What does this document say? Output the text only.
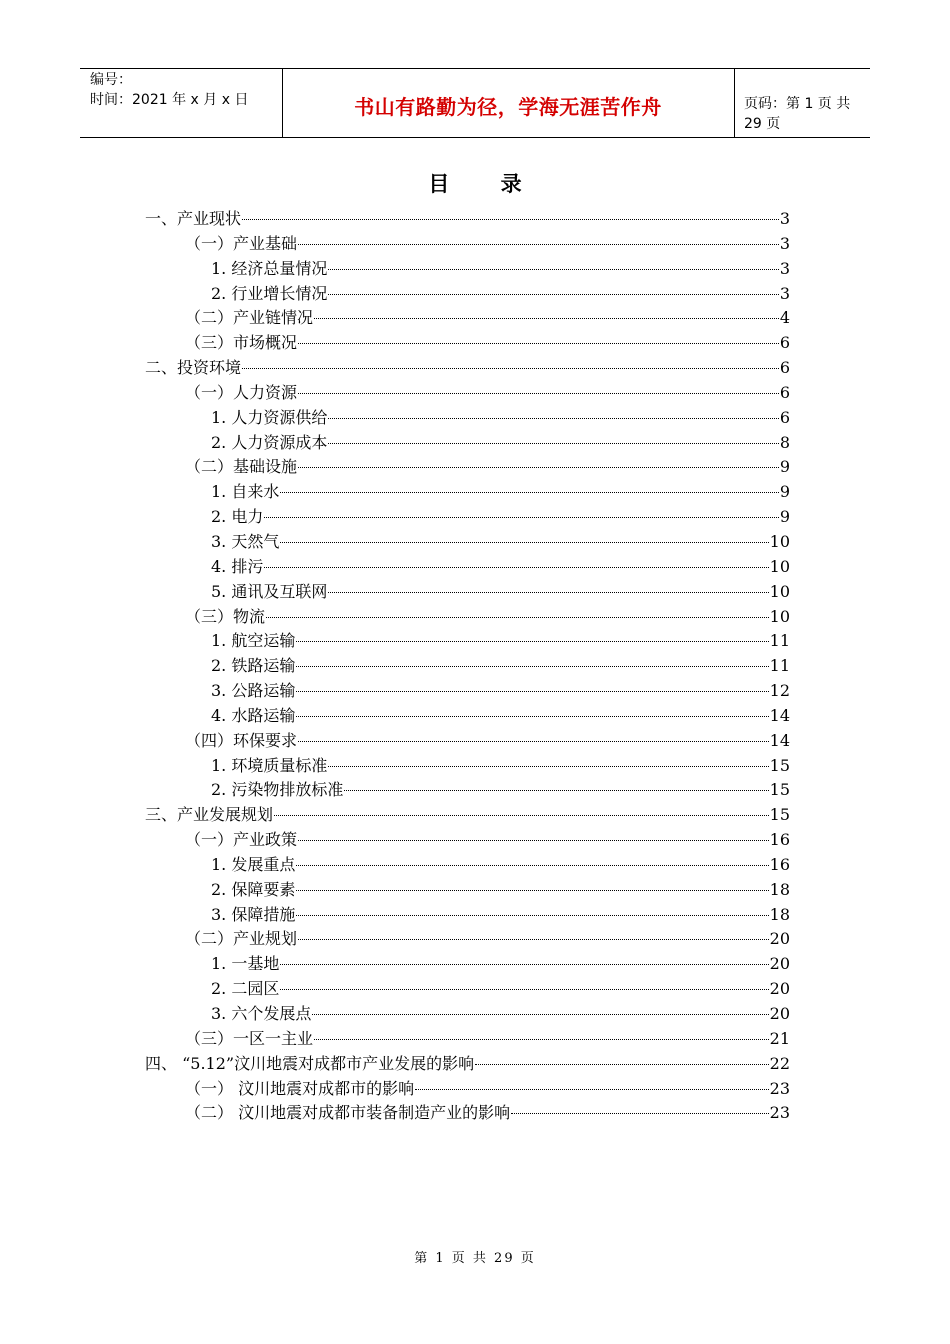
编号：
时间：2021 年 x 月 x 日	书山有路勤为径，学海无涯苦作舟	页码：第 1 页 共 29 页
目 录
一、产业现状	3
（一）产业基础	3
1. 经济总量情况	3
2. 行业增长情况	3
（二）产业链情况	4
（三）市场概况	6
二、投资环境	6
（一）人力资源	6
1. 人力资源供给	6
2. 人力资源成本	8
（二）基础设施	9
1. 自来水	9
2. 电力	9
3. 天然气	10
4. 排污	10
5. 通讯及互联网	10
（三）物流	10
1. 航空运输	11
2. 铁路运输	11
3. 公路运输	12
4. 水路运输	14
（四）环保要求	14
1. 环境质量标准	15
2. 污染物排放标准	15
三、产业发展规划	15
（一）产业政策	16
1. 发展重点	16
2. 保障要素	18
3. 保障措施	18
（二）产业规划	20
1. 一基地	20
2. 二园区	20
3. 六个发展点	20
（三）一区一主业	21
四、 “5.12”汶川地震对成都市产业发展的影响	22
（一） 汶川地震对成都市的影响	23
（二） 汶川地震对成都市装备制造产业的影响	23
第 1 页 共 29 页
